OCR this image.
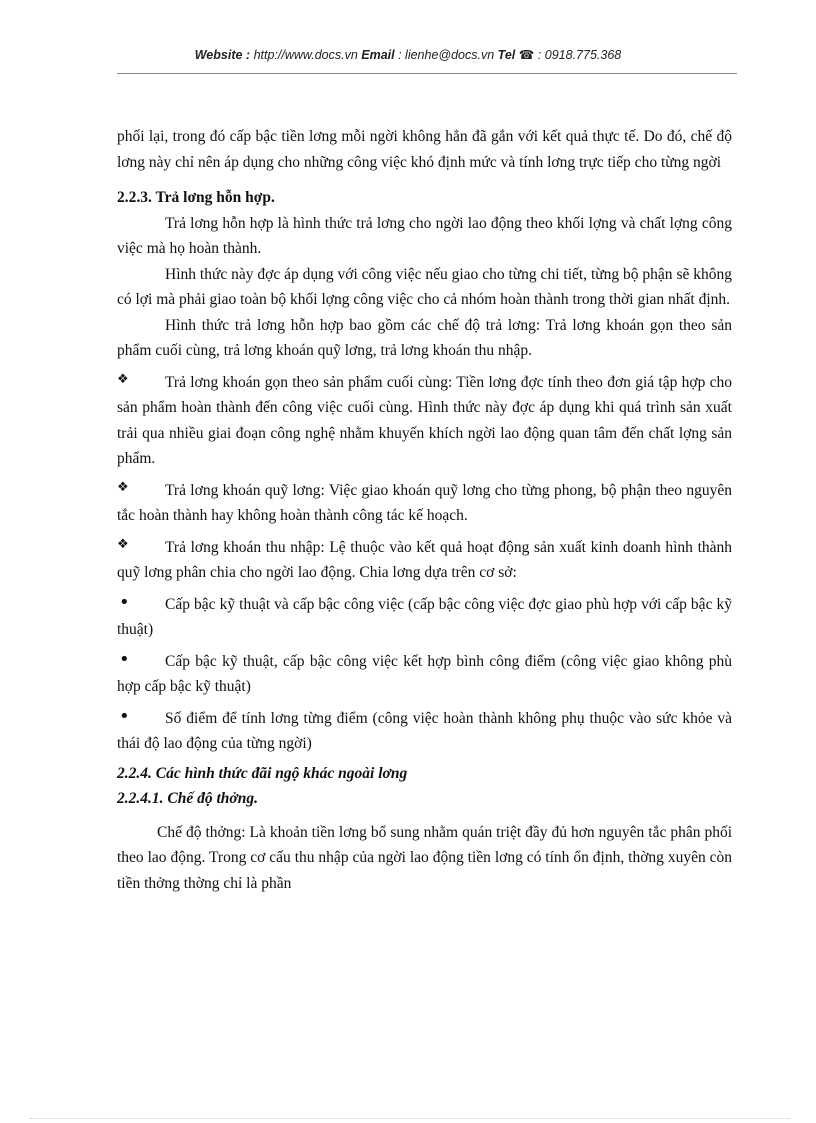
Website : http://www.docs.vn Email : lienhe@docs.vn Tel ☎ : 0918.775.368

phối lại, trong đó cấp bậc tiền lơng mỗi ngời không hẳn đã gắn với kết quả thực tế. Do đó, chế độ lơng này chỉ nên áp dụng cho những công việc khó định mức và tính lơng trực tiếp cho từng ngời

2.2.3. Trả lơng hỗn hợp.

Trả lơng hỗn hợp là hình thức trả lơng cho ngời lao động theo khối lợng và chất lợng công việc mà họ hoàn thành.

Hình thức này đợc áp dụng với công việc nếu giao cho từng chi tiết, từng bộ phận sẽ không có lợi mà phải giao toàn bộ khối lợng công việc cho cả nhóm hoàn thành trong thời gian nhất định.

Hình thức trả lơng hỗn hợp bao gồm các chế độ trả lơng: Trả lơng khoán gọn theo sản phẩm cuối cùng, trả lơng khoán quỹ lơng, trả lơng khoán thu nhập.

❖ Trả lơng khoán gọn theo sản phẩm cuối cùng: Tiền lơng đợc tính theo đơn giá tập hợp cho sản phẩm hoàn thành đến công việc cuối cùng. Hình thức này đợc áp dụng khi quá trình sản xuất trải qua nhiều giai đoạn công nghệ nhằm khuyến khích ngời lao động quan tâm đến chất lợng sản phẩm.
❖ Trả lơng khoán quỹ lơng: Việc giao khoán quỹ lơng cho từng phong, bộ phận theo nguyên tắc hoàn thành hay không hoàn thành công tác kế hoạch.
❖ Trả lơng khoán thu nhập: Lệ thuộc vào kết quả hoạt động sản xuất kinh doanh hình thành quỹ lơng phân chia cho ngời lao động. Chia lơng dựa trên cơ sở:
• Cấp bậc kỹ thuật và cấp bậc công việc (cấp bậc công việc đợc giao phù hợp với cấp bậc kỹ thuật)
• Cấp bậc kỹ thuật, cấp bậc công việc kết hợp bình công điểm (công việc giao không phù hợp cấp bậc kỹ thuật)
• Số điểm để tính lơng từng điểm (công việc hoàn thành không phụ thuộc vào sức khỏe và thái độ lao động của từng ngời)
2.2.4. Các hình thức đãi ngộ khác ngoài lơng
2.2.4.1. Chế độ thởng.

Chế độ thởng: Là khoản tiền lơng bổ sung nhằm quán triệt đầy đủ hơn nguyên tắc phân phối theo lao động. Trong cơ cấu thu nhập của ngời lao động tiền lơng có tính ổn định, thờng xuyên còn tiền thởng thờng chỉ là phần
